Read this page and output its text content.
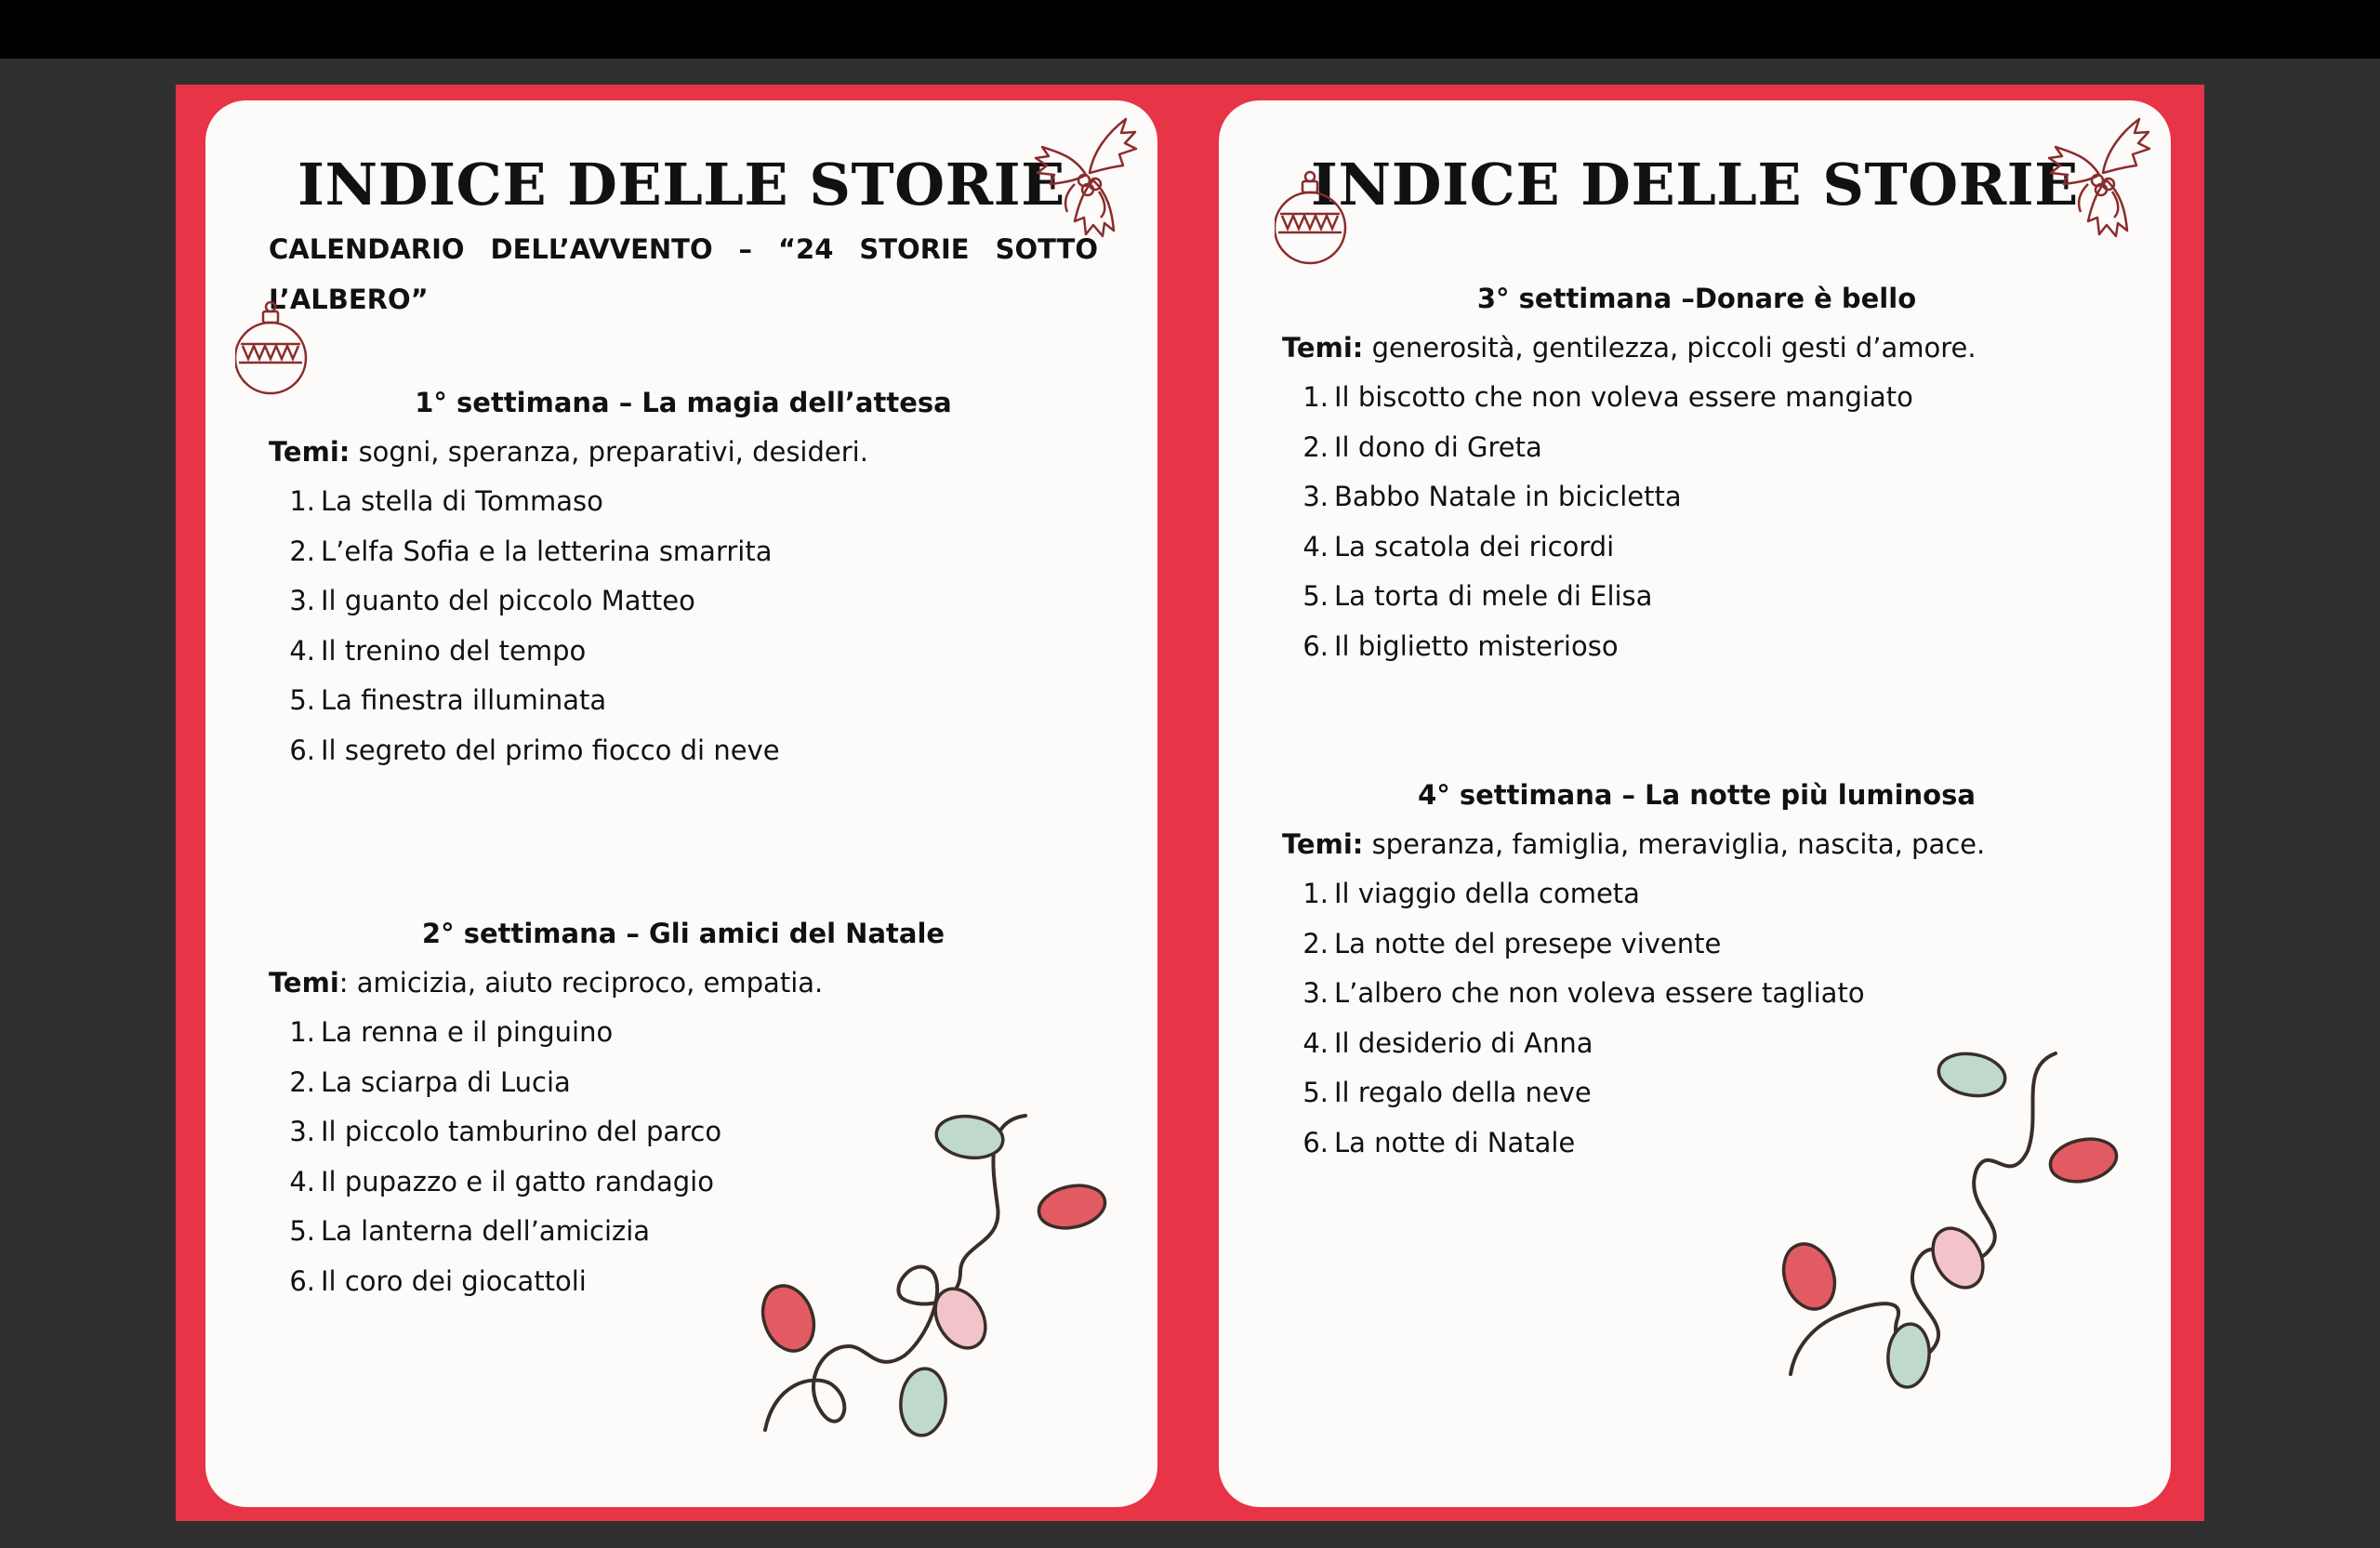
INDICE DELLE STORIE
CALENDARIO DELL’AVVENTO – “24 STORIE SOTTO L’ALBERO”
1° settimana – La magia dell’attesa
Temi: sogni, speranza, preparativi, desideri.
1. La stella di Tommaso
2. L’elfa Sofia e la letterina smarrita
3. Il guanto del piccolo Matteo
4. Il trenino del tempo
5. La finestra illuminata
6. Il segreto del primo fiocco di neve
2° settimana – Gli amici del Natale
Temi: amicizia, aiuto reciproco, empatia.
1. La renna e il pinguino
2. La sciarpa di Lucia
3. Il piccolo tamburino del parco
4. Il pupazzo e il gatto randagio
5. La lanterna dell’amicizia
6. Il coro dei giocattoli
INDICE DELLE STORIE
3° settimana –Donare è bello
Temi: generosità, gentilezza, piccoli gesti d’amore.
1. Il biscotto che non voleva essere mangiato
2. Il dono di Greta
3. Babbo Natale in bicicletta
4. La scatola dei ricordi
5. La torta di mele di Elisa
6. Il biglietto misterioso
4° settimana – La notte più luminosa
Temi: speranza, famiglia, meraviglia, nascita, pace.
1. Il viaggio della cometa
2. La notte del presepe vivente
3. L’albero che non voleva essere tagliato
4. Il desiderio di Anna
5. Il regalo della neve
6. La notte di Natale
